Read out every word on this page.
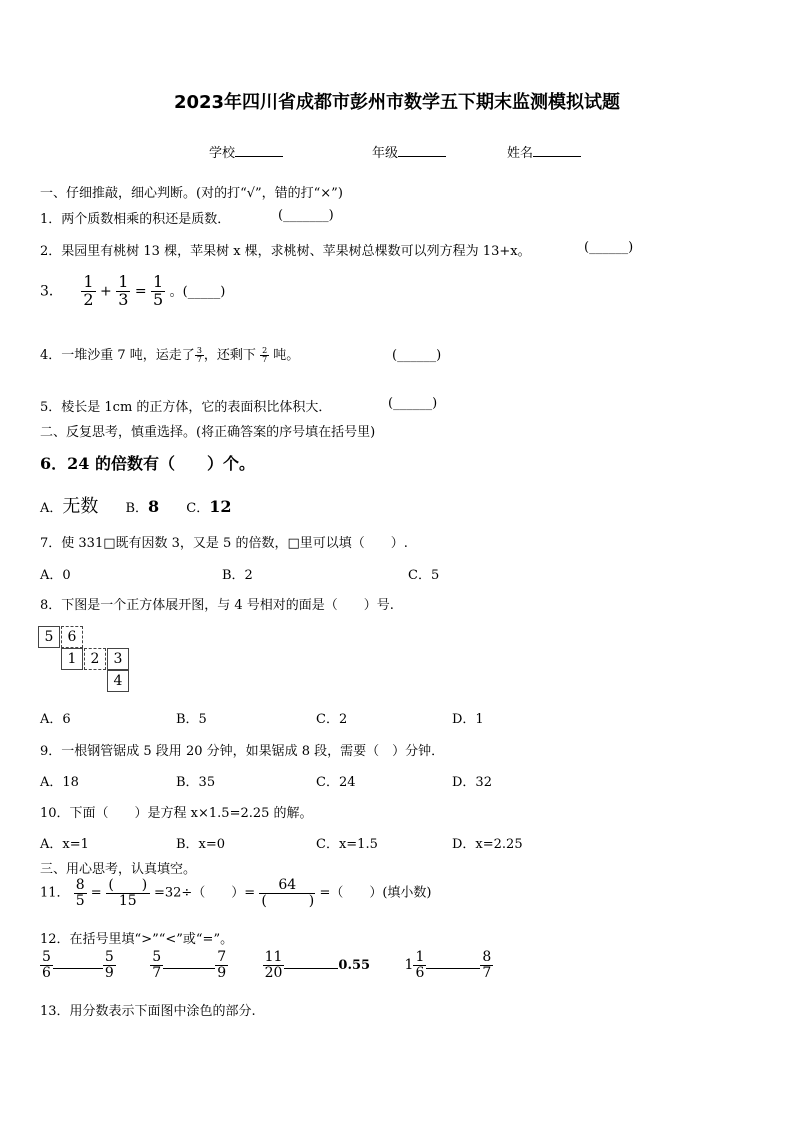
2023年四川省成都市彭州市数学五下期末监测模拟试题
学校	年级	姓名
一、仔细推敲，细心判断。(对的打“√”，错的打“×”)
1．两个质数相乘的积还是质数．	(_______)
2．果园里有桃树 13 棵，苹果树 x 棵，求桃树、苹果树总棵数可以列方程为 13+x。	(______)
3． $\frac{1}{2} + \frac{1}{3} = \frac{1}{5}$ 。(_____)
4．一堆沙重 7 吨，运走了 $\frac{3}{7}$ ，还剩下 $\frac{2}{7}$ 吨。	(______)
5．棱长是 1cm 的正方体，它的表面积比体积大．	(______)
二、反复思考，慎重选择。(将正确答案的序号填在括号里)
6．24 的倍数有（　　）个。
A．无数 B．8 C．12
7．使 331□既有因数 3，又是 5 的倍数，□里可以填（　　）.
A．0	B．2	C．5
8．下图是一个正方体展开图，与 4 号相对的面是（　　）号.
5	6
1	2	3
4
A．6	B．5	C．2	D．1
9．一根钢管锯成 5 段用 20 分钟，如果锯成 8 段，需要（　）分钟．
A．18	B．35	C．24	D．32
10．下面（　　）是方程 x×1.5=2.25 的解。
A．x=1	B．x=0	C．x=1.5	D．x=2.25
三、用心思考，认真填空。
11． $\frac{8}{5} = \frac{( )}{15} =32\div$（　　）= $\frac{64}{( )}$ =（　　）(填小数)
12．在括号里填“>”“<”或“=”。
$\frac{5}{6}$	$\frac{5}{9}$
$\frac{5}{7}$	$\frac{7}{9}$
$\frac{11}{20}$	0.55 $1 \frac{1}{6}$	$\frac{8}{7}$
13．用分数表示下面图中涂色的部分.
